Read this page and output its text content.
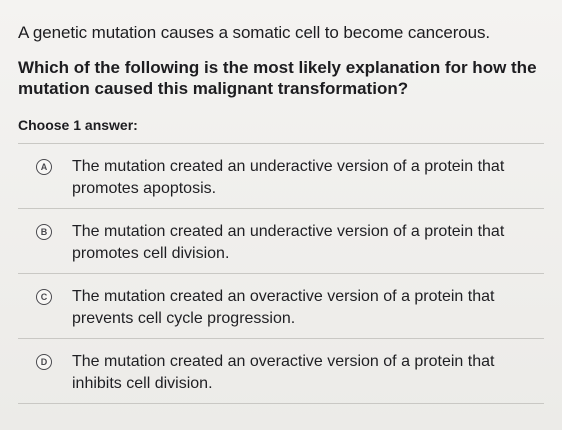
A genetic mutation causes a somatic cell to become cancerous.

Which of the following is the most likely explanation for how the mutation caused this malignant transformation?

Choose 1 answer:
A The mutation created an underactive version of a protein that promotes apoptosis.
B The mutation created an underactive version of a protein that promotes cell division.
C The mutation created an overactive version of a protein that prevents cell cycle progression.
D The mutation created an overactive version of a protein that inhibits cell division.
